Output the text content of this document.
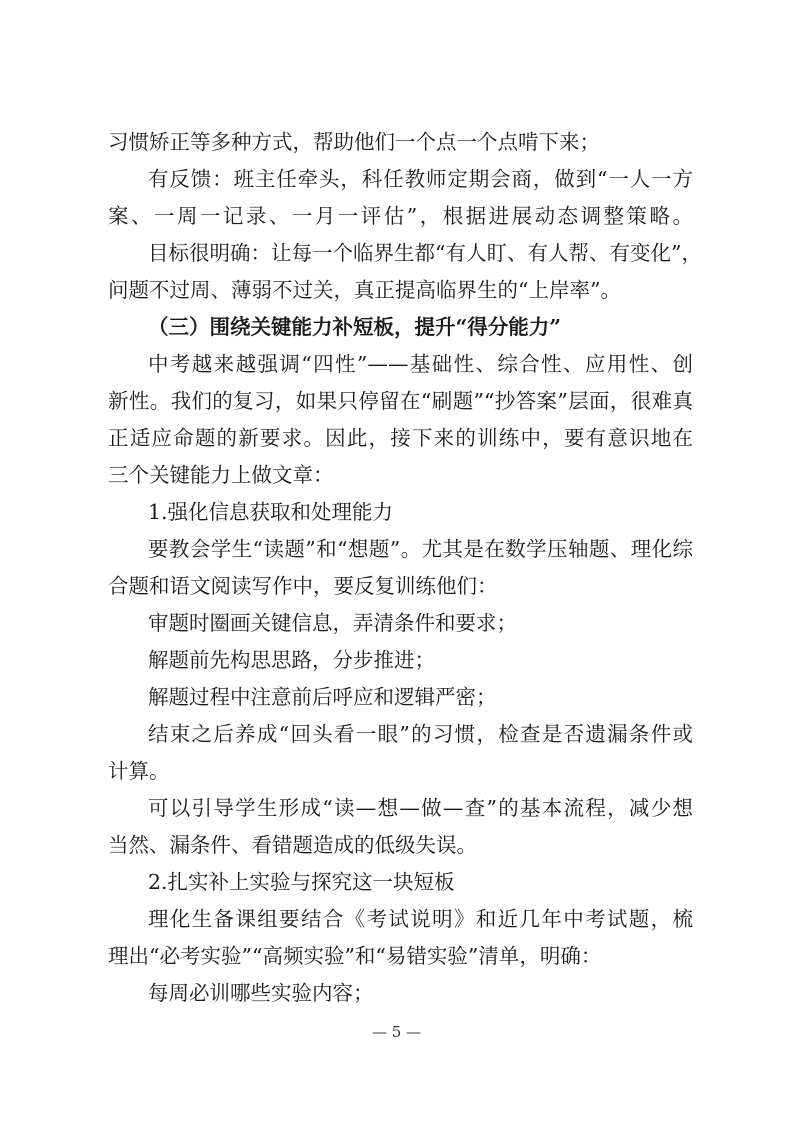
习惯矫正等多种方式，帮助他们一个点一个点啃下来；
有反馈：班主任牵头，科任教师定期会商，做到“一人一方
案、一周一记录、一月一评估”，根据进展动态调整策略。
目标很明确：让每一个临界生都“有人盯、有人帮、有变化”，
问题不过周、薄弱不过关，真正提高临界生的“上岸率”。
（三）围绕关键能力补短板，提升“得分能力”
中考越来越强调“四性”——基础性、综合性、应用性、创
新性。我们的复习，如果只停留在“刷题”“抄答案”层面，很难真
正适应命题的新要求。因此，接下来的训练中，要有意识地在
三个关键能力上做文章：
1.强化信息获取和处理能力
要教会学生“读题”和“想题”。尤其是在数学压轴题、理化综
合题和语文阅读写作中，要反复训练他们：
审题时圈画关键信息，弄清条件和要求；
解题前先构思思路，分步推进；
解题过程中注意前后呼应和逻辑严密；
结束之后养成“回头看一眼”的习惯，检查是否遗漏条件或
计算。
可以引导学生形成“读—想—做—查”的基本流程，减少想
当然、漏条件、看错题造成的低级失误。
2.扎实补上实验与探究这一块短板
理化生备课组要结合《考试说明》和近几年中考试题，梳
理出“必考实验”“高频实验”和“易错实验”清单，明确：
每周必训哪些实验内容；
— 5 —
